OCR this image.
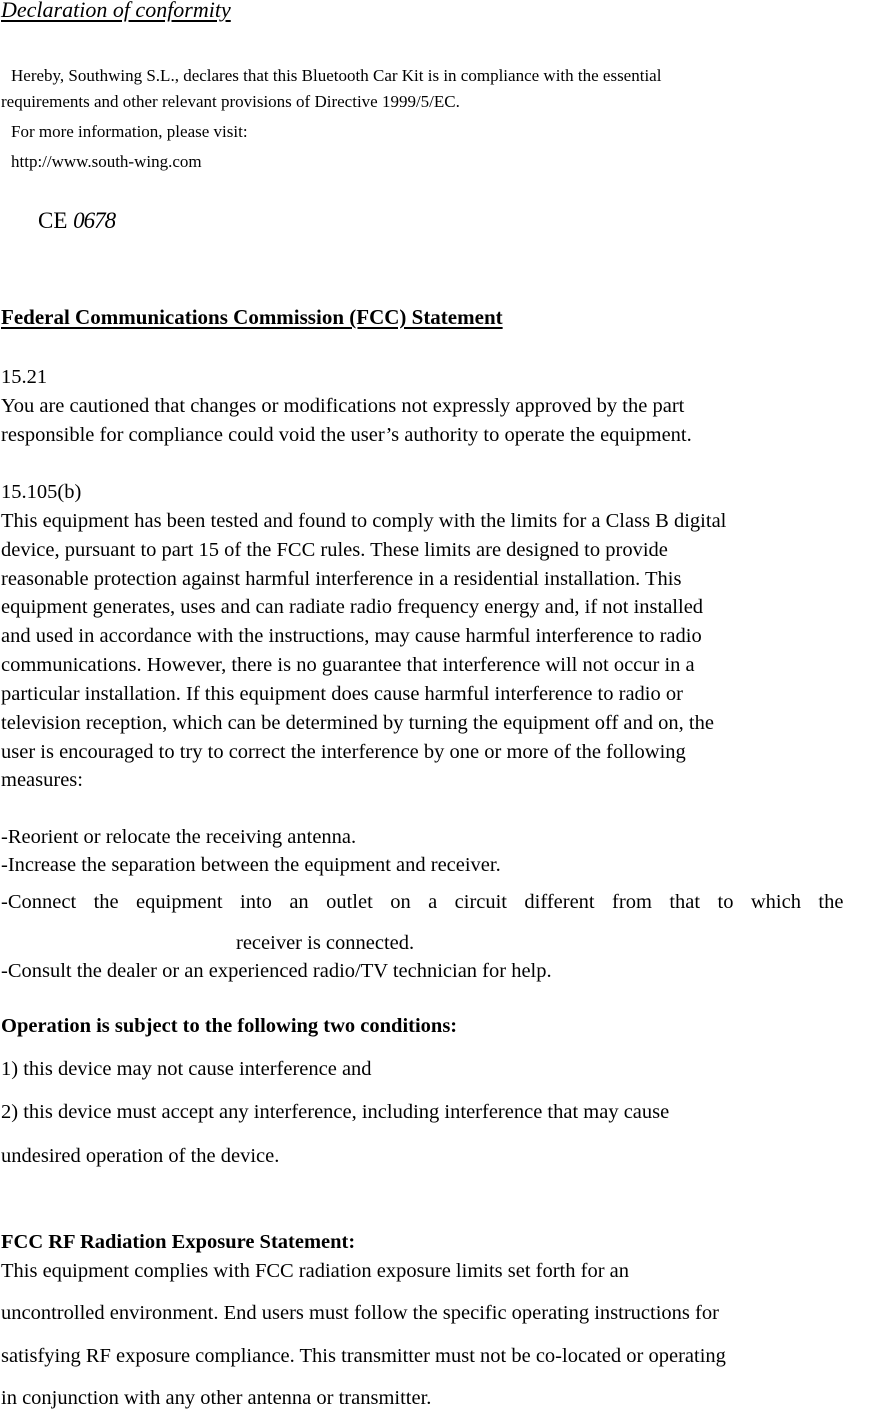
Declaration of conformity

Hereby, Southwing S.L., declares that this Bluetooth Car Kit is in compliance with the essential

requirements and other relevant provisions of Directive 1999/5/EC.

For more information, please visit:

http://www.south-wing.com

CE 0678
Federal Communications Commission (FCC) Statement

15.21

You are cautioned that changes or modifications not expressly approved by the part

responsible for compliance could void the user’s authority to operate the equipment.

15.105(b)

This equipment has been tested and found to comply with the limits for a Class B digital

device, pursuant to part 15 of the FCC rules. These limits are designed to provide

reasonable protection against harmful interference in a residential installation. This

equipment generates, uses and can radiate radio frequency energy and, if not installed

and used in accordance with the instructions, may cause harmful interference to radio

communications. However, there is no guarantee that interference will not occur in a

particular installation. If this equipment does cause harmful interference to radio or

television reception, which can be determined by turning the equipment off and on, the

user is encouraged to try to correct the interference by one or more of the following

measures:

-Reorient or relocate the receiving antenna.

-Increase the separation between the equipment and receiver.

-Connect the equipment into an outlet on a circuit different from that to which the

receiver is connected.

-Consult the dealer or an experienced radio/TV technician for help.

Operation is subject to the following two conditions:

1) this device may not cause interference and

2) this device must accept any interference, including interference that may cause

undesired operation of the device.

FCC RF Radiation Exposure Statement:

This equipment complies with FCC radiation exposure limits set forth for an

uncontrolled environment. End users must follow the specific operating instructions for

satisfying RF exposure compliance. This transmitter must not be co-located or operating

in conjunction with any other antenna or transmitter.
